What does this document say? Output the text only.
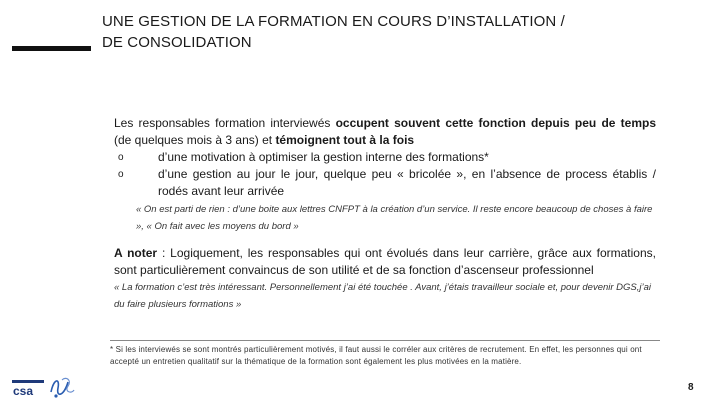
UNE GESTION DE LA FORMATION EN COURS D’INSTALLATION /
DE CONSOLIDATION

Les responsables formation interviewés occupent souvent cette fonction depuis peu de temps (de quelques mois à 3 ans) et témoignent tout à la fois

o	d’une motivation à optimiser la gestion interne des formations*
o	d’une gestion au jour le jour, quelque peu « bricolée », en l’absence de process établis / rodés avant leur arrivée

« On est parti de rien : d’une boite aux lettres CNFPT à la création d’un service. Il reste encore beaucoup de choses à faire », « On fait avec les moyens du bord »

A noter : Logiquement, les responsables qui ont évolués dans leur carrière, grâce aux formations, sont particulièrement convaincus de son utilité et de sa fonction d’ascenseur professionnel

« La formation c’est très intéressant. Personnellement j’ai été touchée . Avant, j’étais travailleur sociale et, pour devenir DGS,j’ai du faire plusieurs formations »

* Si les interviewés se sont montrés particulièrement motivés, il faut aussi le corréler aux critères de recrutement. En effet, les personnes qui ont accepté un entretien qualitatif sur la thématique de la formation sont également les plus motivées en la matière.
csa	8
